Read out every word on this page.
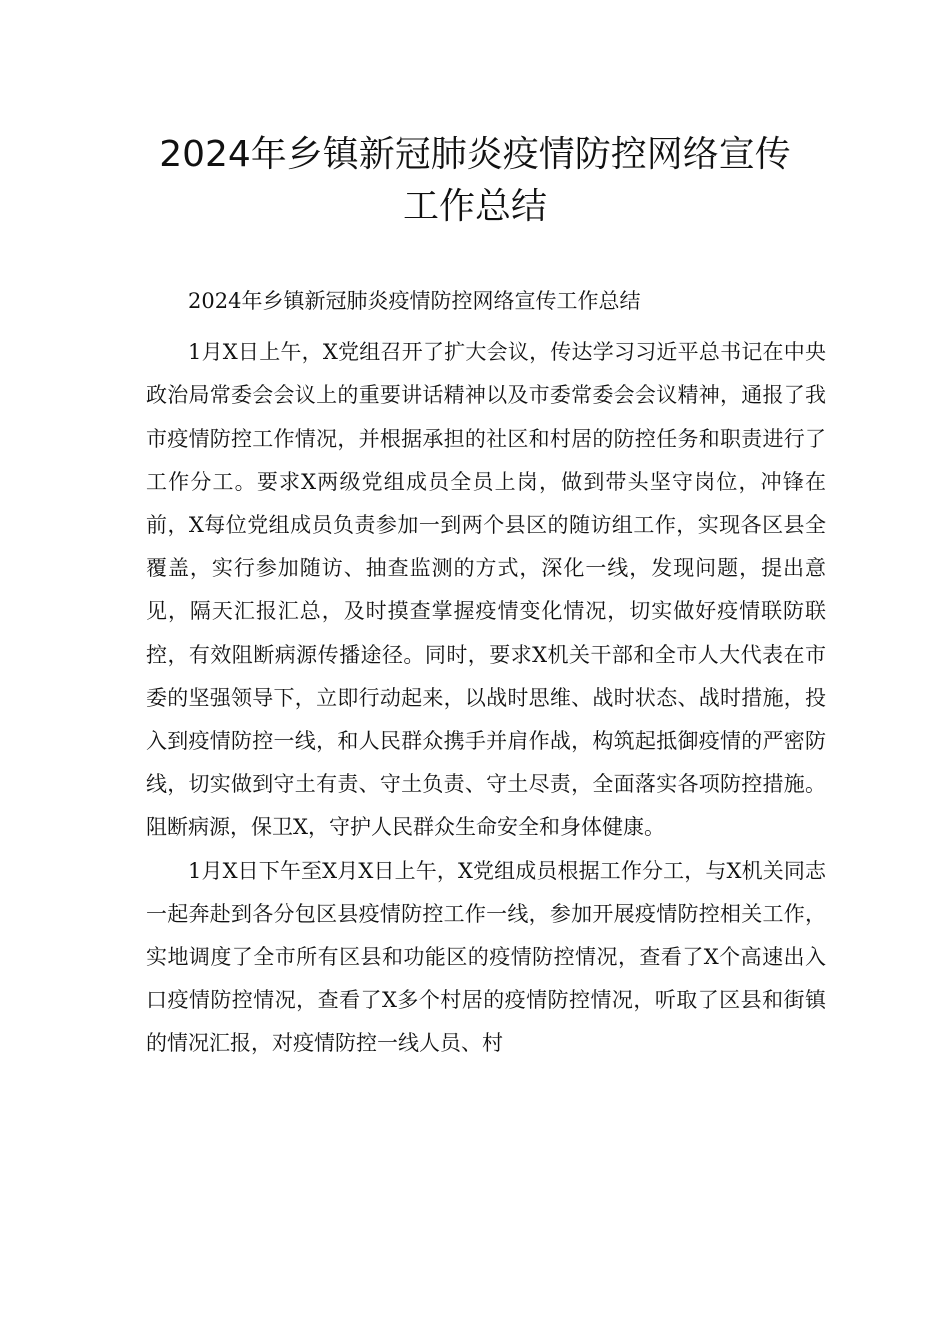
2024年乡镇新冠肺炎疫情防控网络宣传
工作总结

2024年乡镇新冠肺炎疫情防控网络宣传工作总结

1月X日上午，X党组召开了扩大会议，传达学习习近平总书记在中央政治局常委会会议上的重要讲话精神以及市委常委会会议精神，通报了我市疫情防控工作情况，并根据承担的社区和村居的防控任务和职责进行了工作分工。要求X两级党组成员全员上岗，做到带头坚守岗位，冲锋在前，X每位党组成员负责参加一到两个县区的随访组工作，实现各区县全覆盖，实行参加随访、抽查监测的方式，深化一线，发现问题，提出意见，隔天汇报汇总，及时摸查掌握疫情变化情况，切实做好疫情联防联控，有效阻断病源传播途径。同时，要求X机关干部和全市人大代表在市委的坚强领导下，立即行动起来，以战时思维、战时状态、战时措施，投入到疫情防控一线，和人民群众携手并肩作战，构筑起抵御疫情的严密防线，切实做到守土有责、守土负责、守土尽责，全面落实各项防控措施。阻断病源，保卫X，守护人民群众生命安全和身体健康。

1月X日下午至X月X日上午，X党组成员根据工作分工，与X机关同志一起奔赴到各分包区县疫情防控工作一线，参加开展疫情防控相关工作，实地调度了全市所有区县和功能区的疫情防控情况，查看了X个高速出入口疫情防控情况，查看了X多个村居的疫情防控情况，听取了区县和街镇的情况汇报，对疫情防控一线人员、村
